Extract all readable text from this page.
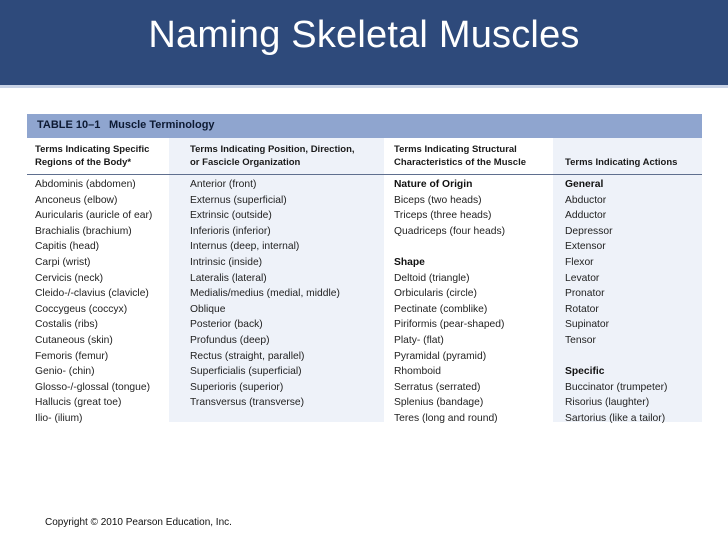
Naming Skeletal Muscles
TABLE 10–1 Muscle Terminology
Terms Indicating Specific
Regions of the Body*
Terms Indicating Position, Direction,
or Fascicle Organization
Terms Indicating Structural
Characteristics of the Muscle	
Terms Indicating Actions
Abdominis (abdomen)
Anconeus (elbow)
Auricularis (auricle of ear)
Brachialis (brachium)
Capitis (head)
Carpi (wrist)
Cervicis (neck)
Cleido-/-clavius (clavicle)
Coccygeus (coccyx)
Costalis (ribs)
Cutaneous (skin)
Femoris (femur)
Genio- (chin)
Glosso-/-glossal (tongue)
Hallucis (great toe)
Ilio- (ilium)
Anterior (front)
Externus (superficial)
Extrinsic (outside)
Inferioris (inferior)
Internus (deep, internal)
Intrinsic (inside)
Lateralis (lateral)
Medialis/medius (medial, middle)
Oblique
Posterior (back)
Profundus (deep)
Rectus (straight, parallel)
Superficialis (superficial)
Superioris (superior)
Transversus (transverse)
Nature of Origin
Biceps (two heads)
Triceps (three heads)
Quadriceps (four heads)
Shape
Deltoid (triangle)
Orbicularis (circle)
Pectinate (comblike)
Piriformis (pear-shaped)
Platy- (flat)
Pyramidal (pyramid)
Rhomboid
Serratus (serrated)
Splenius (bandage)
Teres (long and round)
General
Abductor
Adductor
Depressor
Extensor
Flexor
Levator
Pronator
Rotator
Supinator
Tensor
Specific
Buccinator (trumpeter)
Risorius (laughter)
Sartorius (like a tailor)
Copyright © 2010 Pearson Education, Inc.
